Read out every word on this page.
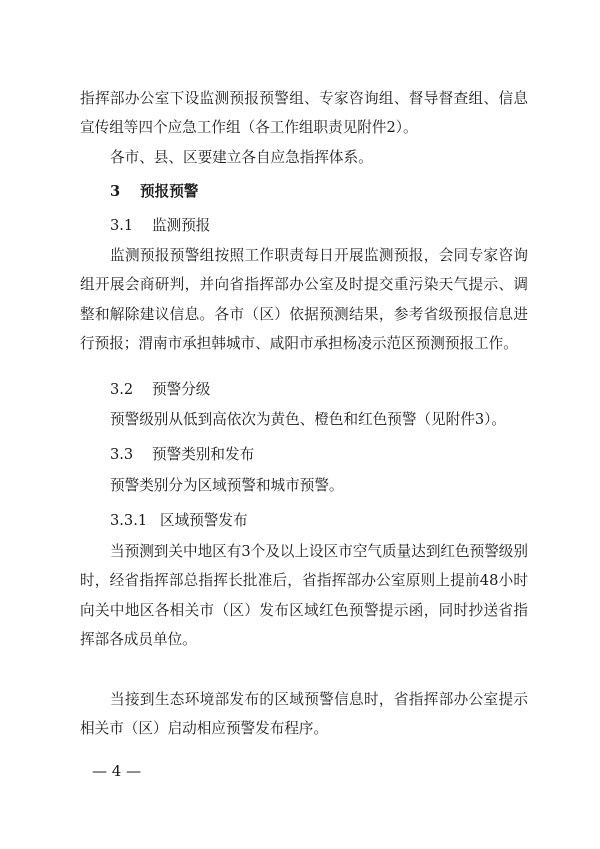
指挥部办公室下设监测预报预警组、专家咨询组、督导督查组、信息宣传组等四个应急工作组（各工作组职责见附件2）。

各市、县、区要建立各自应急指挥体系。

3 预报预警
3.1 监测预报

监测预报预警组按照工作职责每日开展监测预报，会同专家咨询组开展会商研判，并向省指挥部办公室及时提交重污染天气提示、调整和解除建议信息。各市（区）依据预测结果，参考省级预报信息进行预报；渭南市承担韩城市、咸阳市承担杨凌示范区预测预报工作。

3.2 预警分级

预警级别从低到高依次为黄色、橙色和红色预警（见附件3）。

3.3 预警类别和发布

预警类别分为区域预警和城市预警。

3.3.1 区域预警发布

当预测到关中地区有3个及以上设区市空气质量达到红色预警级别时，经省指挥部总指挥长批准后，省指挥部办公室原则上提前48小时向关中地区各相关市（区）发布区域红色预警提示函，同时抄送省指挥部各成员单位。

当接到生态环境部发布的区域预警信息时，省指挥部办公室提示相关市（区）启动相应预警发布程序。

— 4 —
